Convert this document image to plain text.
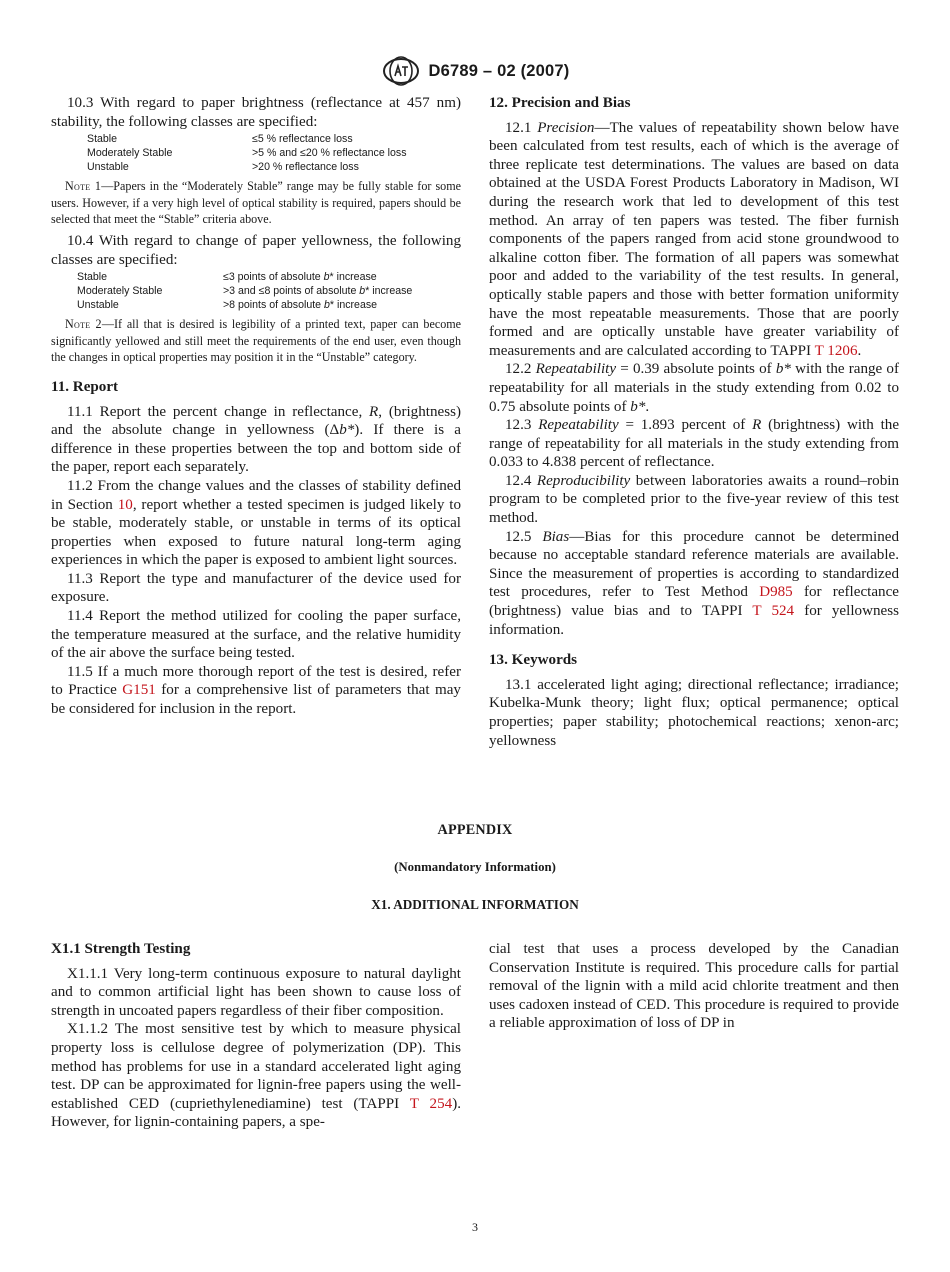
D6789 – 02 (2007)

10.3 With regard to paper brightness (reflectance at 457 nm) stability, the following classes are specified:

Stable	≤5 % reflectance loss
Moderately Stable	>5 % and ≤20 % reflectance loss
Unstable	>20 % reflectance loss
Note 1—Papers in the “Moderately Stable” range may be fully stable for some users. However, if a very high level of optical stability is required, papers should be selected that meet the “Stable” criteria above.

10.4 With regard to change of paper yellowness, the following classes are specified:

Stable	≤3 points of absolute b* increase
Moderately Stable	>3 and ≤8 points of absolute b* increase
Unstable	>8 points of absolute b* increase
Note 2—If all that is desired is legibility of a printed text, paper can become significantly yellowed and still meet the requirements of the end user, even though the changes in optical properties may position it in the “Unstable” category.
11. Report

11.1 Report the percent change in reflectance, R, (brightness) and the absolute change in yellowness (Δb*). If there is a difference in these properties between the top and bottom side of the paper, report each separately.

11.2 From the change values and the classes of stability defined in Section 10, report whether a tested specimen is judged likely to be stable, moderately stable, or unstable in terms of its optical properties when exposed to future natural long-term aging experiences in which the paper is exposed to ambient light sources.

11.3 Report the type and manufacturer of the device used for exposure.

11.4 Report the method utilized for cooling the paper surface, the temperature measured at the surface, and the relative humidity of the air above the surface being tested.

11.5 If a much more thorough report of the test is desired, refer to Practice G151 for a comprehensive list of parameters that may be considered for inclusion in the report.

12. Precision and Bias

12.1 Precision—The values of repeatability shown below have been calculated from test results, each of which is the average of three replicate test determinations. The values are based on data obtained at the USDA Forest Products Laboratory in Madison, WI during the research work that led to development of this test method. An array of ten papers was tested. The fiber furnish components of the papers ranged from acid stone groundwood to alkaline cotton fiber. The formation of all papers was somewhat poor and added to the variability of the test results. In general, optically stable papers and those with better formation uniformity have the most repeatable measurements. Those that are poorly formed and are optically unstable have greater variability of measurements and are calculated according to TAPPI T 1206.

12.2 Repeatability = 0.39 absolute points of b* with the range of repeatability for all materials in the study extending from 0.02 to 0.75 absolute points of b*.

12.3 Repeatability = 1.893 percent of R (brightness) with the range of repeatability for all materials in the study extending from 0.033 to 4.838 percent of reflectance.

12.4 Reproducibility between laboratories awaits a round–robin program to be completed prior to the five-year review of this test method.

12.5 Bias—Bias for this procedure cannot be determined because no acceptable standard reference materials are available. Since the measurement of properties is according to standardized test procedures, refer to Test Method D985 for reflectance (brightness) value bias and to TAPPI T 524 for yellowness information.

13. Keywords

13.1 accelerated light aging; directional reflectance; irradiance; Kubelka-Munk theory; light flux; optical permanence; optical properties; paper stability; photochemical reactions; xenon-arc; yellowness

APPENDIX
(Nonmandatory Information)
X1. ADDITIONAL INFORMATION
X1.1 Strength Testing

X1.1.1 Very long-term continuous exposure to natural daylight and to common artificial light has been shown to cause loss of strength in uncoated papers regardless of their fiber composition.

X1.1.2 The most sensitive test by which to measure physical property loss is cellulose degree of polymerization (DP). This method has problems for use in a standard accelerated light aging test. DP can be approximated for lignin-free papers using the well-established CED (cupriethylenediamine) test (TAPPI T 254). However, for lignin-containing papers, a spe-

cial test that uses a process developed by the Canadian Conservation Institute is required. This procedure calls for partial removal of the lignin with a mild acid chlorite treatment and then uses cadoxen instead of CED. This procedure is required to provide a reliable approximation of loss of DP in

3
